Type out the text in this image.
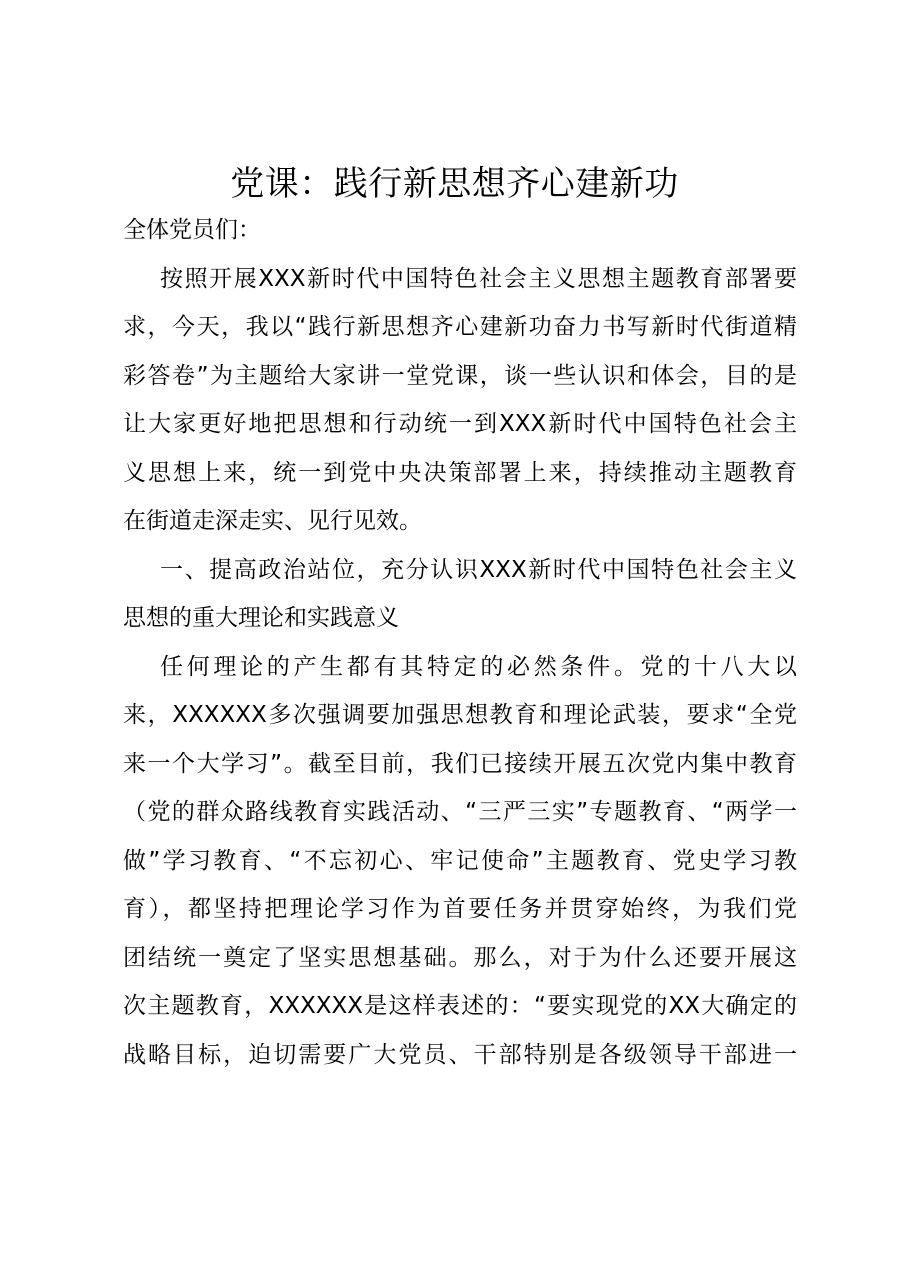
党课：践行新思想齐心建新功
全体党员们：
按照开展XXX新时代中国特色社会主义思想主题教育部署要
求，今天，我以“践行新思想齐心建新功奋力书写新时代街道精
彩答卷”为主题给大家讲一堂党课，谈一些认识和体会，目的是
让大家更好地把思想和行动统一到XXX新时代中国特色社会主
义思想上来，统一到党中央决策部署上来，持续推动主题教育
在街道走深走实、见行见效。
一、提高政治站位，充分认识XXX新时代中国特色社会主义
思想的重大理论和实践意义
任何理论的产生都有其特定的必然条件。党的十八大以
来，XXXXXX多次强调要加强思想教育和理论武装，要求“全党
来一个大学习”。截至目前，我们已接续开展五次党内集中教育
（党的群众路线教育实践活动、“三严三实”专题教育、“两学一
做”学习教育、“不忘初心、牢记使命”主题教育、党史学习教
育），都坚持把理论学习作为首要任务并贯穿始终，为我们党
团结统一奠定了坚实思想基础。那么，对于为什么还要开展这
次主题教育，XXXXXX是这样表述的：“要实现党的XX大确定的
战略目标，迫切需要广大党员、干部特别是各级领导干部进一
